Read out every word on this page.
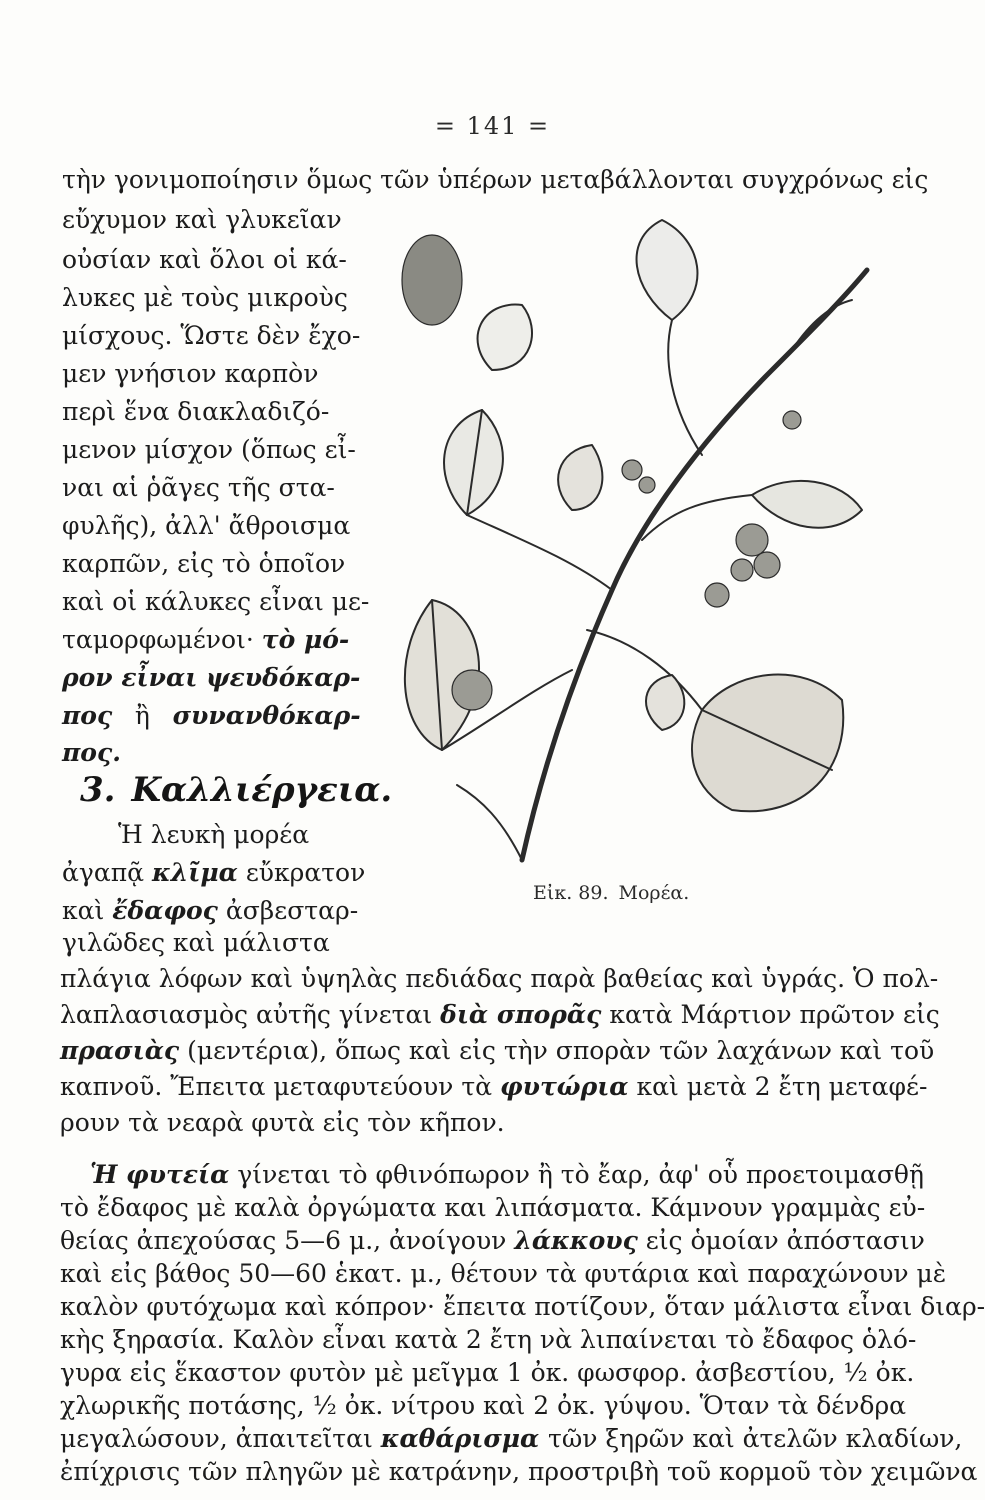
= 141 =
τὴν γονιμοποίησιν ὅμως τῶν ὑπέρων μεταβάλλονται συγχρόνως εἰς
εὔχυμον καὶ γλυκεῖαν
οὐσίαν καὶ ὅλοι οἱ κά-
λυκες μὲ τοὺς μικροὺς
μίσχους. Ὥστε δὲν ἔχο-
μεν γνήσιον καρπὸν
περὶ ἕνα διακλαδιζό-
μενον μίσχον (ὅπως εἶ-
ναι αἱ ῥᾶγες τῆς στα-
φυλῆς), ἀλλ' ἄθροισμα
καρπῶν, εἰς τὸ ὁποῖον
καὶ οἱ κάλυκες εἶναι με-
ταμορφωμένοι· τὸ μό-
ρον εἶναι ψευδόκαρ-
πος ἢ συνανθόκαρ-
3. Καλλιέργεια.
Ἡ λευκὴ μορέα
ἀγαπᾷ κλῖμα εὔκρατον
καὶ ἔδαφος ἀσβεσταρ-
Εἰκ. 89. Μορέα.
γιλῶδες καὶ μάλιστα
πλάγια λόφων καὶ ὑψηλὰς πεδιάδας παρὰ βαθείας καὶ ὑγράς. Ὁ πολ-
λαπλασιασμὸς αὐτῆς γίνεται διὰ σπορᾶς κατὰ Μάρτιον πρῶτον εἰς
πρασιὰς (μεντέρια), ὅπως καὶ εἰς τὴν σπορὰν τῶν λαχάνων καὶ τοῦ
καπνοῦ. Ἔπειτα μεταφυτεύουν τὰ φυτώρια καὶ μετὰ 2 ἔτη μεταφέ-
ρουν τὰ νεαρὰ φυτὰ εἰς τὸν κῆπον.
Ἡ φυτεία γίνεται τὸ φθινόπωρον ἢ τὸ ἔαρ, ἀφ' οὗ προετοιμασθῇ
τὸ ἔδαφος μὲ καλὰ ὀργώματα και λιπάσματα. Κάμνουν γραμμὰς εὐ-
θείας ἀπεχούσας 5—6 μ., ἀνοίγουν λάκκους εἰς ὁμοίαν ἀπόστασιν
καὶ εἰς βάθος 50—60 ἑκατ. μ., θέτουν τὰ φυτάρια καὶ παραχώνουν μὲ
καλὸν φυτόχωμα καὶ κόπρον· ἔπειτα ποτίζουν, ὅταν μάλιστα εἶναι διαρ-
κὴς ξηρασία. Καλὸν εἶναι κατὰ 2 ἔτη νὰ λιπαίνεται τὸ ἔδαφος ὁλό-
γυρα εἰς ἕκαστον φυτὸν μὲ μεῖγμα 1 ὀκ. φωσφορ. ἀσβεστίου, ½ ὀκ.
χλωρικῆς ποτάσης, ½ ὀκ. νίτρου καὶ 2 ὀκ. γύψου. Ὅταν τὰ δένδρα
πος.
μεγαλώσουν, ἀπαιτεῖται καθάρισμα τῶν ξηρῶν καὶ ἀτελῶν κλαδίων,
ἐπίχρισις τῶν πληγῶν μὲ κατράνην, προστριβὴ τοῦ κορμοῦ τὸν χειμῶνα
